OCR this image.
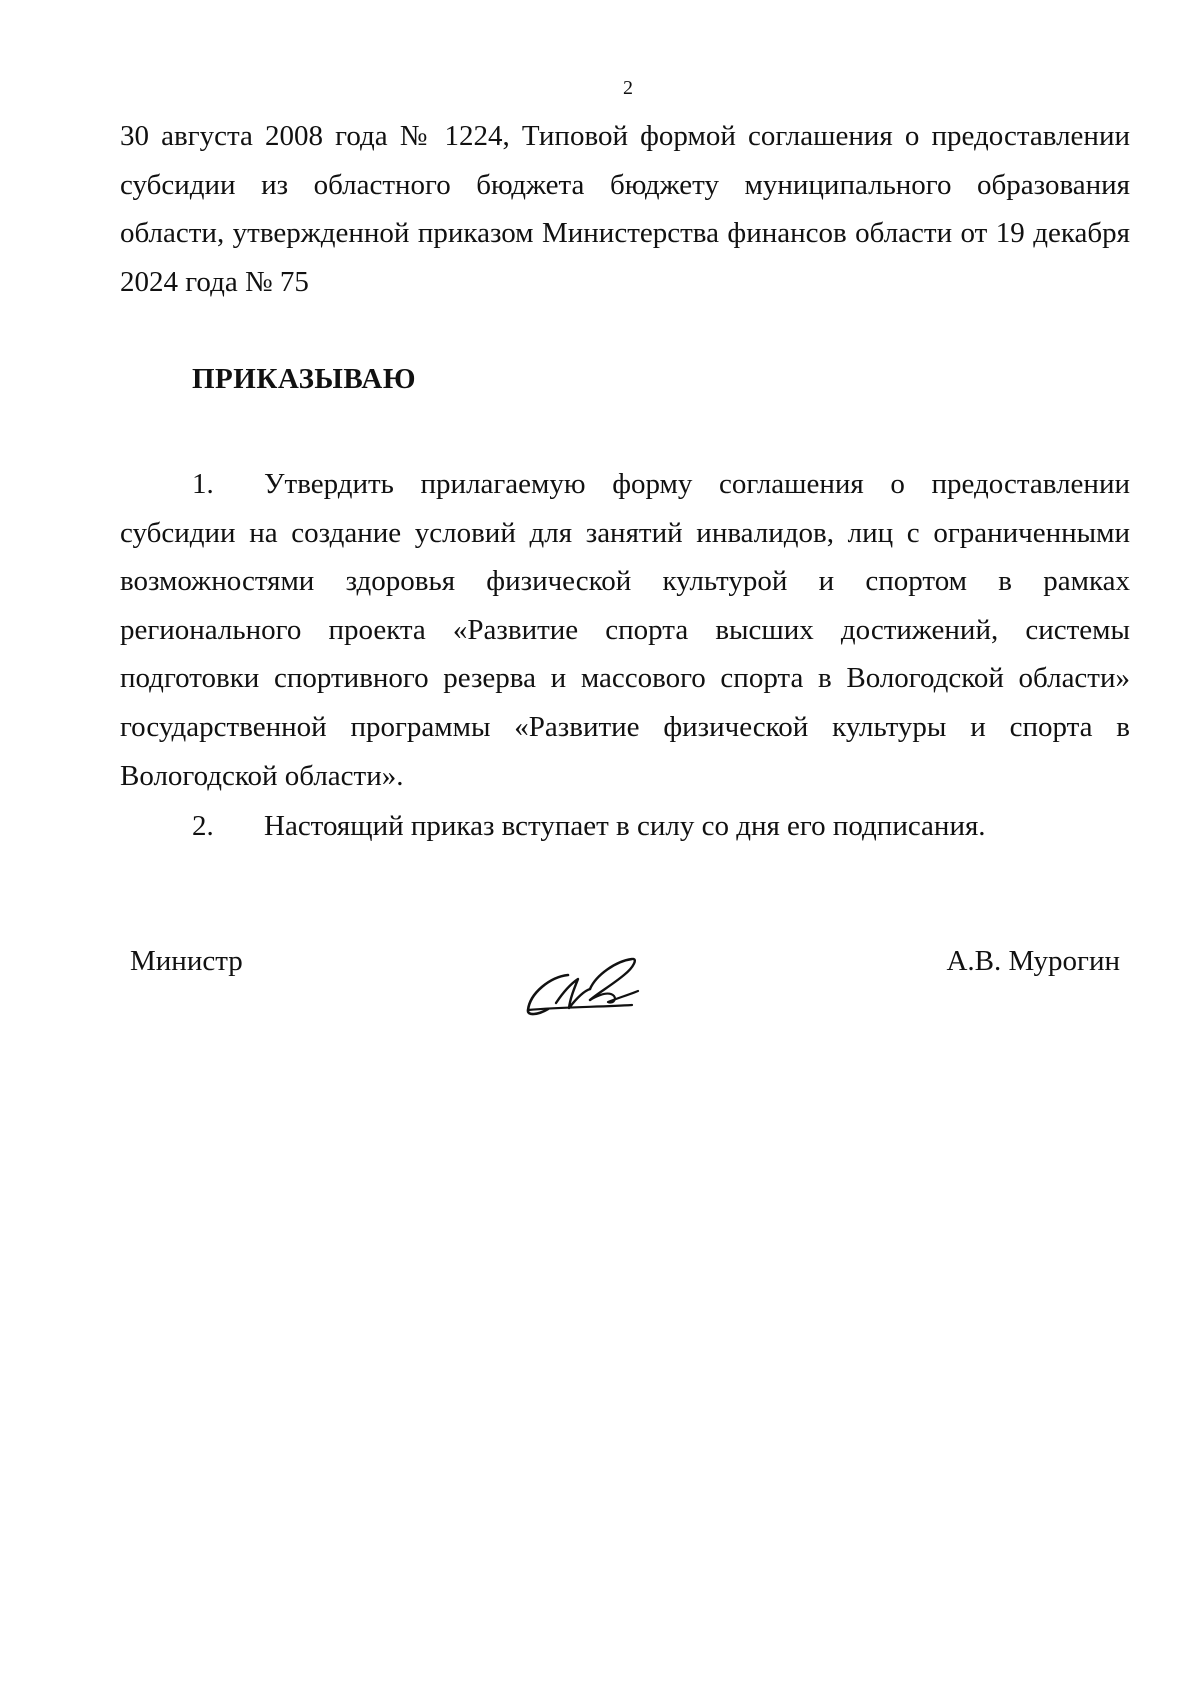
2
30 августа 2008 года № 1224, Типовой формой соглашения о предоставлении субсидии из областного бюджета бюджету муниципального образования области, утвержденной приказом Министерства финансов области от 19 декабря 2024 года № 75
ПРИКАЗЫВАЮ
1. Утвердить прилагаемую форму соглашения о предоставлении субсидии на создание условий для занятий инвалидов, лиц с ограниченными возможностями здоровья физической культурой и спортом в рамках регионального проекта «Развитие спорта высших достижений, системы подготовки спортивного резерва и массового спорта в Вологодской области» государственной программы «Развитие физической культуры и спорта в Вологодской области».
2. Настоящий приказ вступает в силу со дня его подписания.
Министр	А.В. Мурогин
